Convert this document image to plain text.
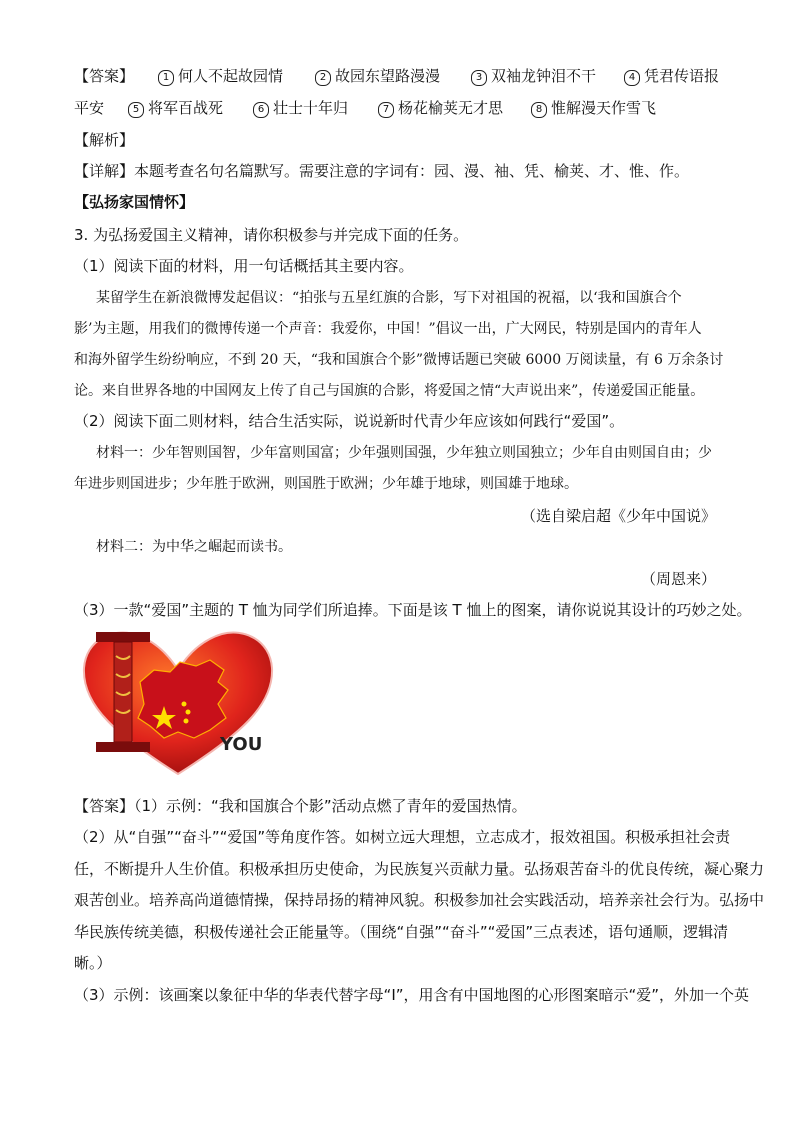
【答案】	1 何人不起故园情	2 故园东望路漫漫	3 双袖龙钟泪不干	4 凭君传语报
平安	5 将军百战死	6 壮士十年归	7 杨花榆荚无才思	8 惟解漫天作雪飞
【解析】
【详解】本题考查名句名篇默写。需要注意的字词有：园、漫、袖、凭、榆荚、才、惟、作。
【弘扬家国情怀】
3. 为弘扬爱国主义精神，请你积极参与并完成下面的任务。
（1）阅读下面的材料，用一句话概括其主要内容。
某留学生在新浪微博发起倡议：“拍张与五星红旗的合影，写下对祖国的祝福，以‘我和国旗合个
影’为主题，用我们的微博传递一个声音：我爱你，中国！”倡议一出，广大网民，特别是国内的青年人
和海外留学生纷纷响应，不到 20 天，“我和国旗合个影”微博话题已突破 6000 万阅读量，有 6 万余条讨
论。来自世界各地的中国网友上传了自己与国旗的合影，将爱国之情“大声说出来”，传递爱国正能量。
（2）阅读下面二则材料，结合生活实际，说说新时代青少年应该如何践行“爱国”。
材料一：少年智则国智，少年富则国富；少年强则国强，少年独立则国独立；少年自由则国自由；少
年进步则国进步；少年胜于欧洲，则国胜于欧洲；少年雄于地球，则国雄于地球。
（选自梁启超《少年中国说》
材料二：为中华之崛起而读书。
（周恩来）
（3）一款“爱国”主题的 T 恤为同学们所追捧。下面是该 T 恤上的图案，请你说说其设计的巧妙之处。
YOU
【答案】（1）示例：“我和国旗合个影”活动点燃了青年的爱国热情。
（2）从“自强”“奋斗”“爱国”等角度作答。如树立远大理想，立志成才，报效祖国。积极承担社会责
任，不断提升人生价值。积极承担历史使命，为民族复兴贡献力量。弘扬艰苦奋斗的优良传统，凝心聚力
艰苦创业。培养高尚道德情操，保持昂扬的精神风貌。积极参加社会实践活动，培养亲社会行为。弘扬中
华民族传统美德，积极传递社会正能量等。（围绕“自强”“奋斗”“爱国”三点表述，语句通顺，逻辑清
晰。）
（3）示例：该画案以象征中华的华表代替字母“I”，用含有中国地图的心形图案暗示“爱”，外加一个英
